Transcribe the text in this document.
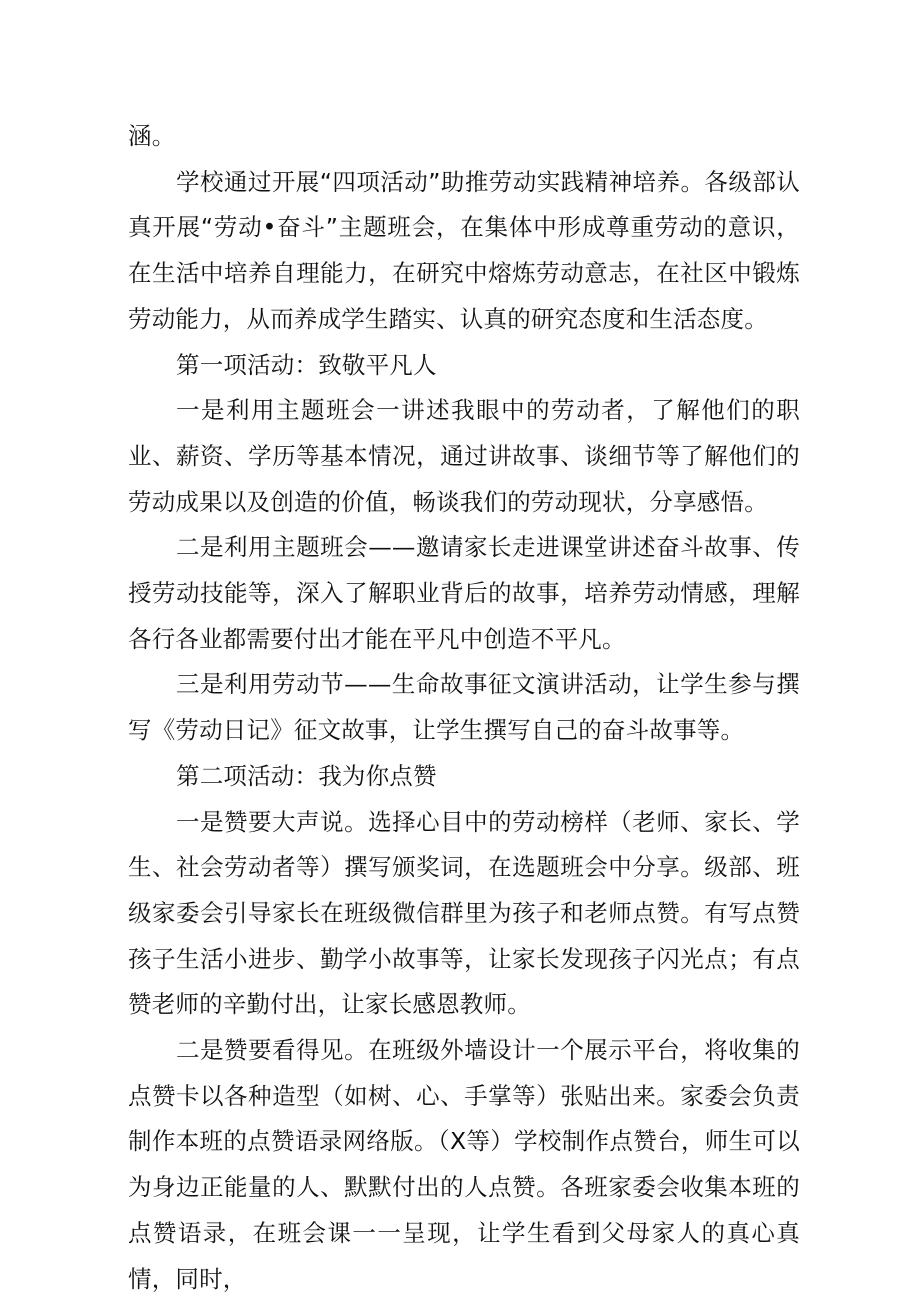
涵。

学校通过开展“四项活动”助推劳动实践精神培养。各级部认真开展“劳动•奋斗”主题班会，在集体中形成尊重劳动的意识，在生活中培养自理能力，在研究中熔炼劳动意志，在社区中锻炼劳动能力，从而养成学生踏实、认真的研究态度和生活态度。

第一项活动：致敬平凡人

一是利用主题班会一讲述我眼中的劳动者，了解他们的职业、薪资、学历等基本情况，通过讲故事、谈细节等了解他们的劳动成果以及创造的价值，畅谈我们的劳动现状，分享感悟。

二是利用主题班会——邀请家长走进课堂讲述奋斗故事、传授劳动技能等，深入了解职业背后的故事，培养劳动情感，理解各行各业都需要付出才能在平凡中创造不平凡。

三是利用劳动节——生命故事征文演讲活动，让学生参与撰写《劳动日记》征文故事，让学生撰写自己的奋斗故事等。

第二项活动：我为你点赞

一是赞要大声说。选择心目中的劳动榜样（老师、家长、学生、社会劳动者等）撰写颁奖词，在选题班会中分享。级部、班级家委会引导家长在班级微信群里为孩子和老师点赞。有写点赞孩子生活小进步、勤学小故事等，让家长发现孩子闪光点；有点赞老师的辛勤付出，让家长感恩教师。

二是赞要看得见。在班级外墙设计一个展示平台，将收集的点赞卡以各种造型（如树、心、手掌等）张贴出来。家委会负责制作本班的点赞语录网络版。（X等）学校制作点赞台，师生可以为身边正能量的人、默默付出的人点赞。各班家委会收集本班的点赞语录，在班会课一一呈现，让学生看到父母家人的真心真情，同时，
